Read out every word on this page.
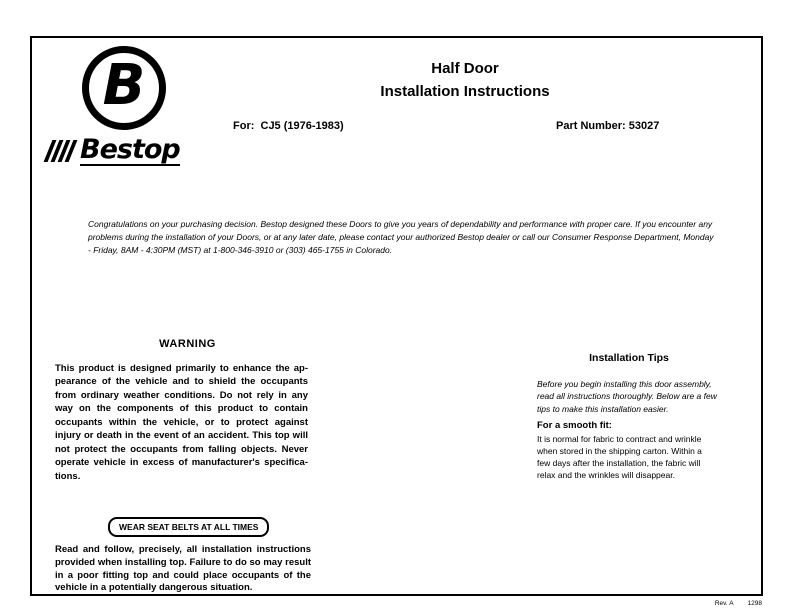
B
Bestop
Half Door
Installation Instructions
For:  CJ5 (1976-1983)	Part Number: 53027
Congratulations on your purchasing decision. Bestop designed these Doors to give you years of dependability and performance with proper care. If you encounter any problems during the installation of your Doors, or at any later date, please contact your authorized Bestop dealer or call our Consumer Response Department, Monday - Friday, 8AM - 4:30PM (MST) at 1-800-346-3910 or (303) 465-1755 in Colorado.
WARNING
This product is designed primarily to enhance the ap-pearance of the vehicle and to shield the occupants from ordinary weather conditions. Do not rely in any way on the components of this product to contain occupants within the vehicle, or to protect against injury or death in the event of an accident. This top will not protect the occupants from falling objects. Never operate vehicle in excess of manufacturer's specifica-tions.
WEAR SEAT BELTS AT ALL TIMES
Read and follow, precisely, all installation instructions provided when installing top. Failure to do so may result in a poor fitting top and could place occupants of the vehicle in a potentially dangerous situation.
Installation Tips
Before you begin installing this door assembly, read all instructions thoroughly. Below are a few tips to make this installation easier.
For a smooth fit:
It is normal for fabric to contract and wrinkle when stored in the shipping carton. Within a few days after the installation, the fabric will relax and the wrinkles will disappear.
Rev. A 1298
